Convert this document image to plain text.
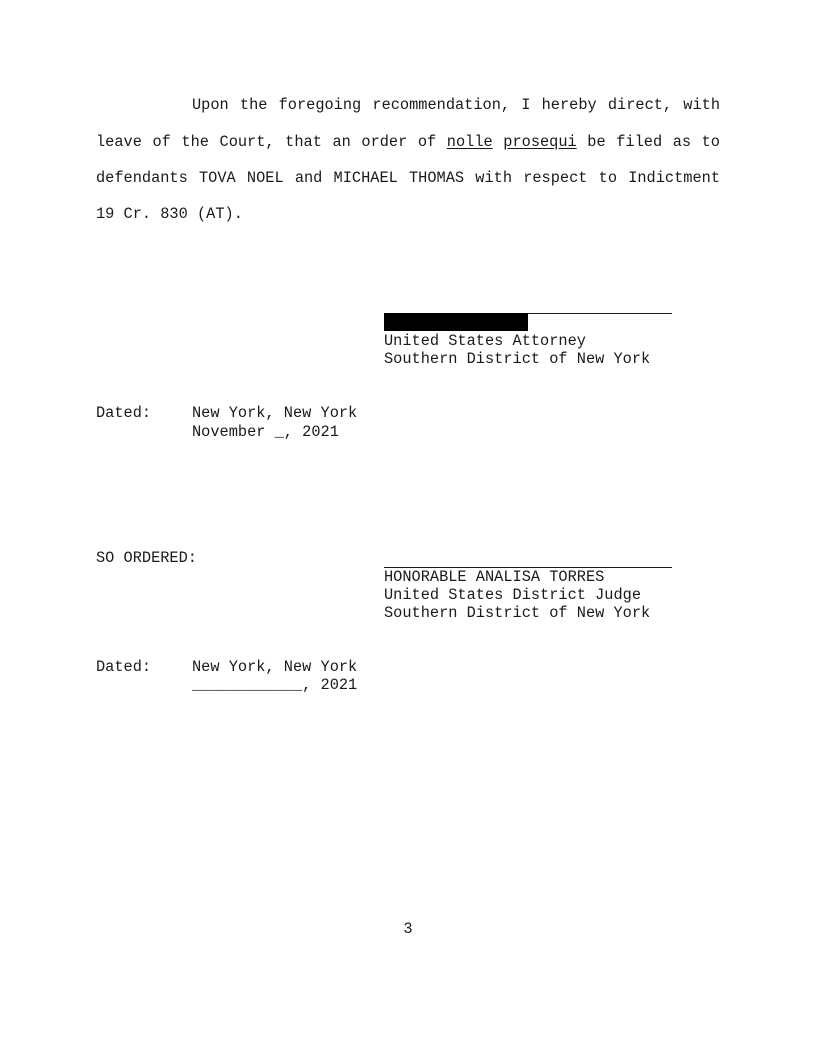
Upon the foregoing recommendation, I hereby direct, with
leave of the Court, that an order of nolle prosequi be filed as to
defendants TOVA NOEL and MICHAEL THOMAS with respect to Indictment
19 Cr. 830 (AT).
United States Attorney
Southern District of New York
Dated:	New York, New York
November _, 2021
SO ORDERED:
HONORABLE ANALISA TORRES
United States District Judge
Southern District of New York
Dated:	New York, New York
____________, 2021
3
